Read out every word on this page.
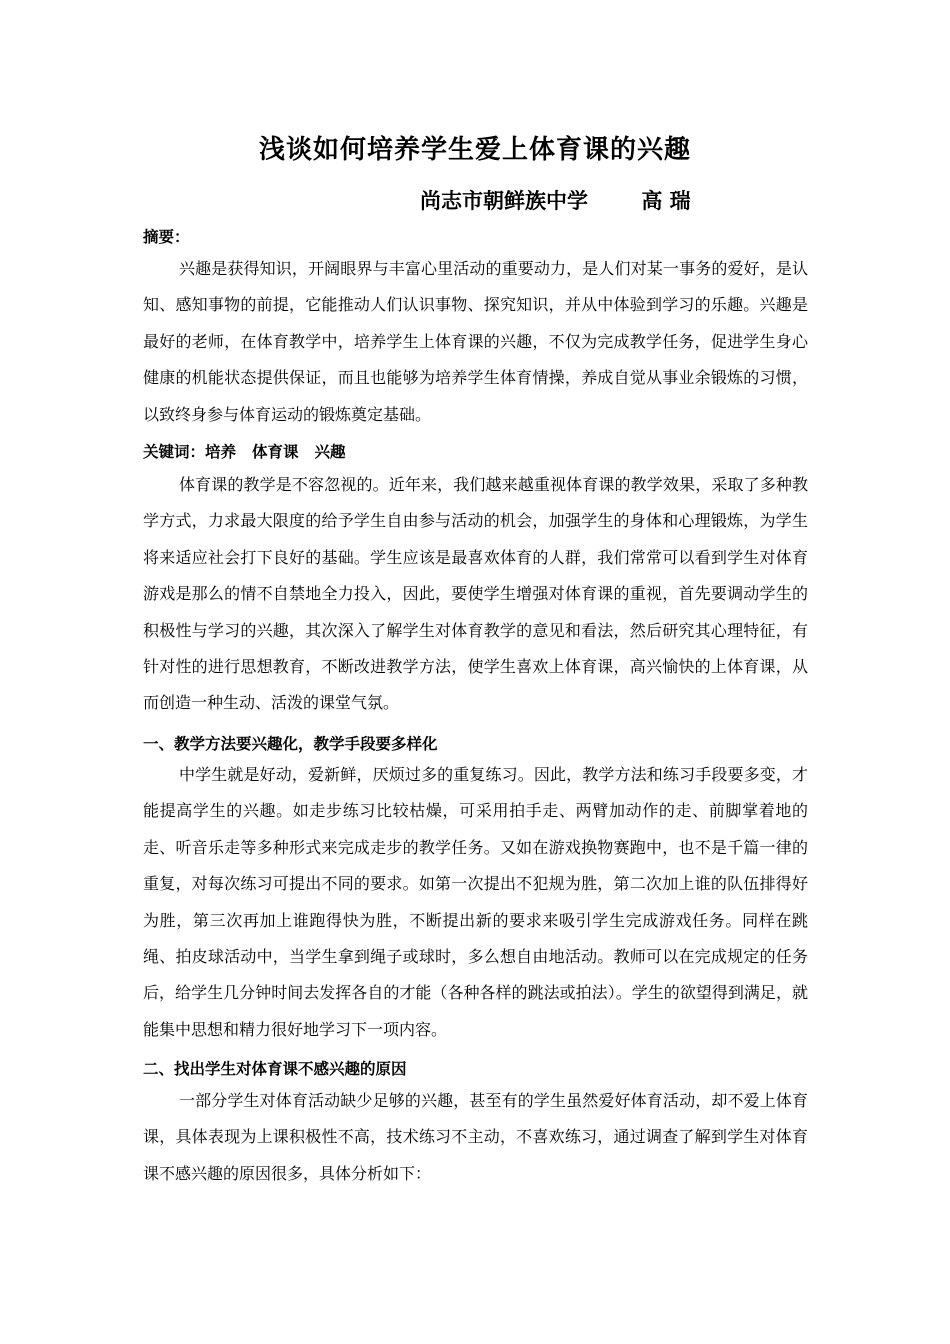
浅谈如何培养学生爱上体育课的兴趣
尚志市朝鲜族中学	高 瑞
摘要：

兴趣是获得知识，开阔眼界与丰富心里活动的重要动力，是人们对某一事务的爱好，是认知、感知事物的前提，它能推动人们认识事物、探究知识，并从中体验到学习的乐趣。兴趣是最好的老师，在体育教学中，培养学生上体育课的兴趣，不仅为完成教学任务，促进学生身心健康的机能状态提供保证，而且也能够为培养学生体育情操，养成自觉从事业余锻炼的习惯，以致终身参与体育运动的锻炼奠定基础。

关键词：培养 体育课 兴趣

体育课的教学是不容忽视的。近年来，我们越来越重视体育课的教学效果，采取了多种教学方式，力求最大限度的给予学生自由参与活动的机会，加强学生的身体和心理锻炼，为学生将来适应社会打下良好的基础。学生应该是最喜欢体育的人群，我们常常可以看到学生对体育游戏是那么的情不自禁地全力投入，因此，要使学生增强对体育课的重视，首先要调动学生的积极性与学习的兴趣，其次深入了解学生对体育教学的意见和看法，然后研究其心理特征，有针对性的进行思想教育，不断改进教学方法，使学生喜欢上体育课，高兴愉快的上体育课，从而创造一种生动、活泼的课堂气氛。

一、教学方法要兴趣化，教学手段要多样化

中学生就是好动，爱新鲜，厌烦过多的重复练习。因此，教学方法和练习手段要多变，才能提高学生的兴趣。如走步练习比较枯燥，可采用拍手走、两臂加动作的走、前脚掌着地的走、听音乐走等多种形式来完成走步的教学任务。又如在游戏换物赛跑中，也不是千篇一律的重复，对每次练习可提出不同的要求。如第一次提出不犯规为胜，第二次加上谁的队伍排得好为胜，第三次再加上谁跑得快为胜，不断提出新的要求来吸引学生完成游戏任务。同样在跳绳、拍皮球活动中，当学生拿到绳子或球时，多么想自由地活动。教师可以在完成规定的任务后，给学生几分钟时间去发挥各自的才能（各种各样的跳法或拍法）。学生的欲望得到满足，就能集中思想和精力很好地学习下一项内容。

二、找出学生对体育课不感兴趣的原因

一部分学生对体育活动缺少足够的兴趣，甚至有的学生虽然爱好体育活动，却不爱上体育课，具体表现为上课积极性不高，技术练习不主动，不喜欢练习，通过调查了解到学生对体育课不感兴趣的原因很多，具体分析如下：
